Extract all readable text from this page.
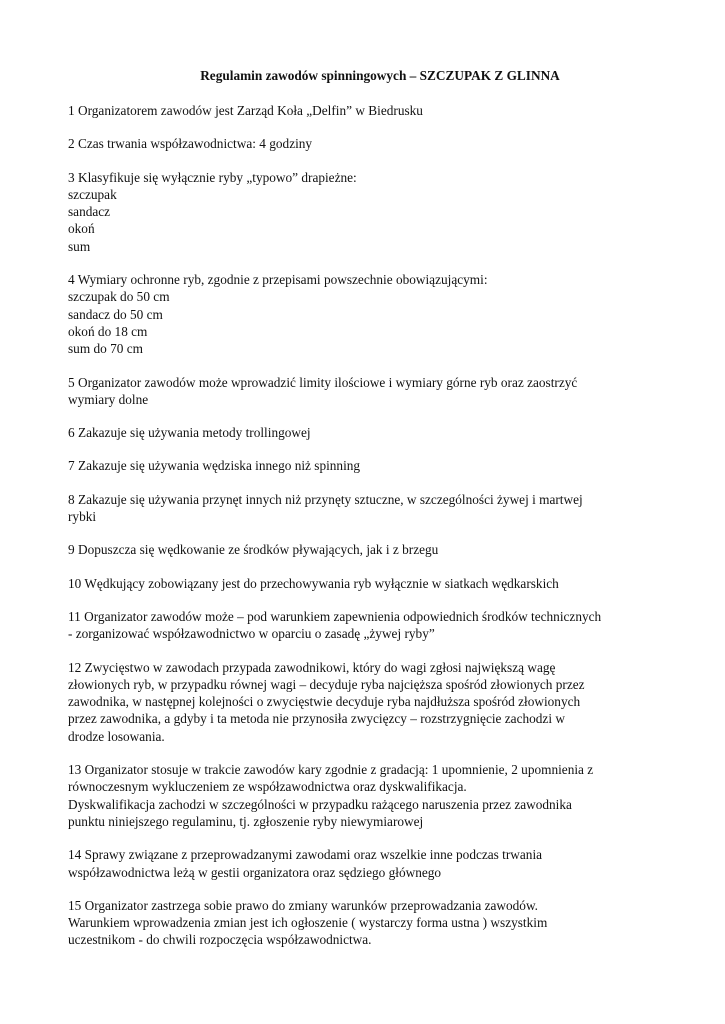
Regulamin zawodów spinningowych – SZCZUPAK Z GLINNA
1 Organizatorem zawodów jest Zarząd Koła „Delfin” w Biedrusku
2 Czas trwania współzawodnictwa: 4 godziny
3 Klasyfikuje się wyłącznie ryby „typowo” drapieżne:
szczupak
sandacz
okoń
sum
4 Wymiary ochronne ryb, zgodnie z przepisami powszechnie obowiązującymi:
szczupak do 50 cm
sandacz do 50 cm
okoń do 18 cm
sum do 70 cm
5 Organizator zawodów może wprowadzić limity ilościowe i wymiary górne ryb oraz zaostrzyć
wymiary dolne
6 Zakazuje się używania metody trollingowej
7 Zakazuje się używania wędziska innego niż spinning
8 Zakazuje się używania przynęt innych niż przynęty sztuczne, w szczególności żywej i martwej
rybki
9 Dopuszcza się wędkowanie ze środków pływających, jak i z brzegu
10 Wędkujący zobowiązany jest do przechowywania ryb wyłącznie w siatkach wędkarskich
11 Organizator zawodów może – pod warunkiem zapewnienia odpowiednich środków technicznych
- zorganizować współzawodnictwo w oparciu o zasadę „żywej ryby”
12 Zwycięstwo w zawodach przypada zawodnikowi, który do wagi zgłosi największą wagę
złowionych ryb, w przypadku równej wagi – decyduje ryba najcięższa spośród złowionych przez
zawodnika, w następnej kolejności o zwycięstwie decyduje ryba najdłuższa spośród złowionych
przez zawodnika, a gdyby i ta metoda nie przynosiła zwycięzcy – rozstrzygnięcie zachodzi w
drodze losowania.
13 Organizator stosuje w trakcie zawodów kary zgodnie z gradacją: 1 upomnienie, 2 upomnienia z
równoczesnym wykluczeniem ze współzawodnictwa oraz dyskwalifikacja.
Dyskwalifikacja zachodzi w szczególności w przypadku rażącego naruszenia przez zawodnika
punktu niniejszego regulaminu, tj. zgłoszenie ryby niewymiarowej
14 Sprawy związane z przeprowadzanymi zawodami oraz wszelkie inne podczas trwania
współzawodnictwa leżą w gestii organizatora oraz sędziego głównego
15 Organizator zastrzega sobie prawo do zmiany warunków przeprowadzania zawodów.
Warunkiem wprowadzenia zmian jest ich ogłoszenie ( wystarczy forma ustna ) wszystkim
uczestnikom - do chwili rozpoczęcia współzawodnictwa.
